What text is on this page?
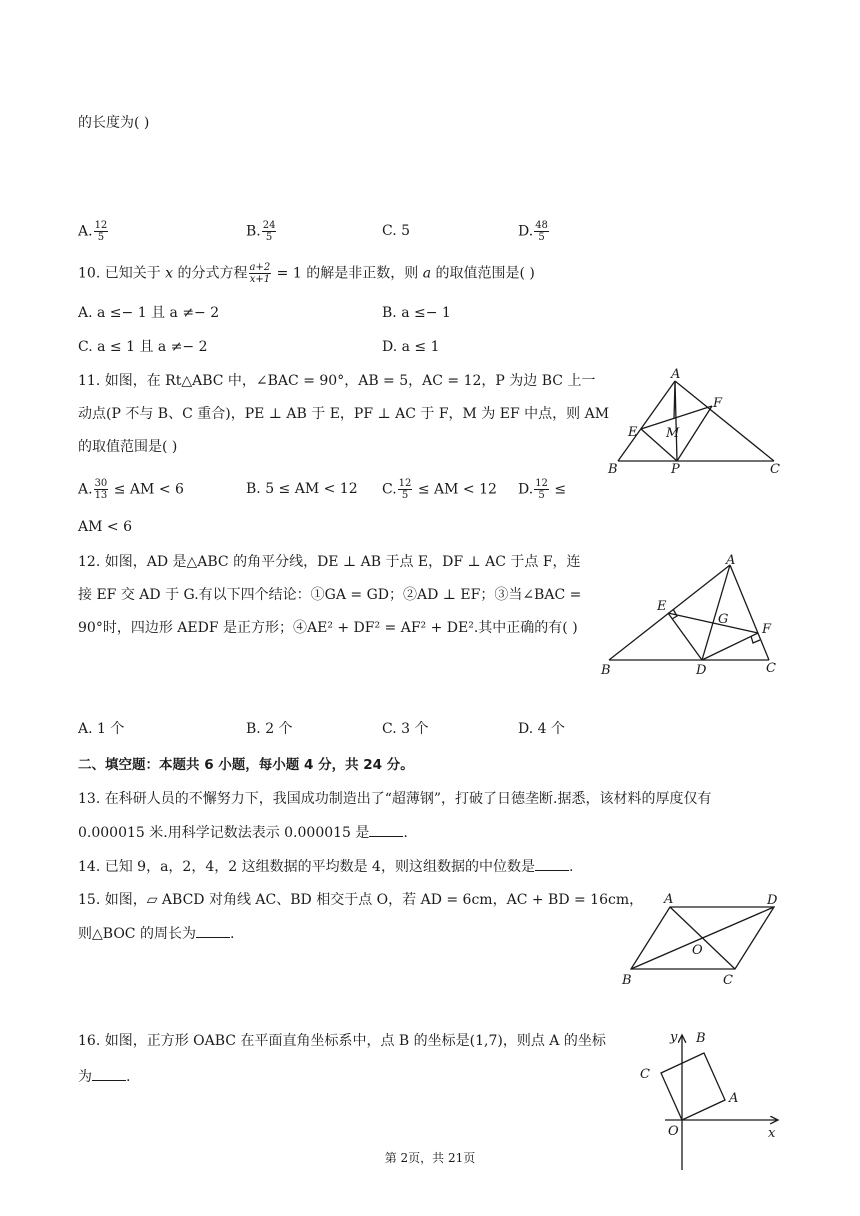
的长度为( )
A. $\frac{12}{5}$	B. $\frac{24}{5}$	C. 5	D. $\frac{48}{5}$
10. 已知关于 x 的分式方程 $\frac{a+2}{x+1} = 1$ 的解是非正数，则 a 的取值范围是( )
A. a ≤− 1 且 a ≠− 2	B. a ≤− 1
C. a ≤ 1 且 a ≠− 2	D. a ≤ 1
11. 如图，在 Rt△ABC 中，∠BAC = 90°，AB = 5，AC = 12，P 为边 BC 上一
动点(P 不与 B、C 重合)，PE ⊥ AB 于 E，PF ⊥ AC 于 F，M 为 EF 中点，则 AM
的取值范围是( )
A. $\frac{30}{13}$ ≤ AM < 6	B. 5 ≤ AM < 12 C. $\frac{12}{5}$ ≤ AM < 12 D. $\frac{12}{5}$ ≤
AM < 6
A
F
E M
B	P	C
12. 如图，AD 是△ABC 的角平分线，DE ⊥ AB 于点 E，DF ⊥ AC 于点 F，连
接 EF 交 AD 于 G.有以下四个结论：①GA = GD；②AD ⊥ EF；③当∠BAC =
90°时，四边形 AEDF 是正方形；④AE² + DF² = AF² + DE².其中正确的有( )
A
E
G
F
B	D	C
A. 1 个	B. 2 个	C. 3 个	D. 4 个
二、填空题：本题共 6 小题，每小题 4 分，共 24 分。
13. 在科研人员的不懈努力下，我国成功制造出了“超薄钢”，打破了日德垄断.据悉，该材料的厚度仅有
0.000015 米.用科学记数法表示 0.000015 是 .
14. 已知 9，a，2，4，2 这组数据的平均数是 4，则这组数据的中位数是 .
15. 如图，▱ ABCD 对角线 AC、BD 相交于点 O，若 AD = 6cm，AC + BD = 16cm，
则△BOC 的周长为 .
A	D
O
B	C
16. 如图，正方形 OABC 在平面直角坐标系中，点 B 的坐标是(1,7)，则点 A 的坐标
为 .
y B
C
A
O	x
第 2页，共 21页
